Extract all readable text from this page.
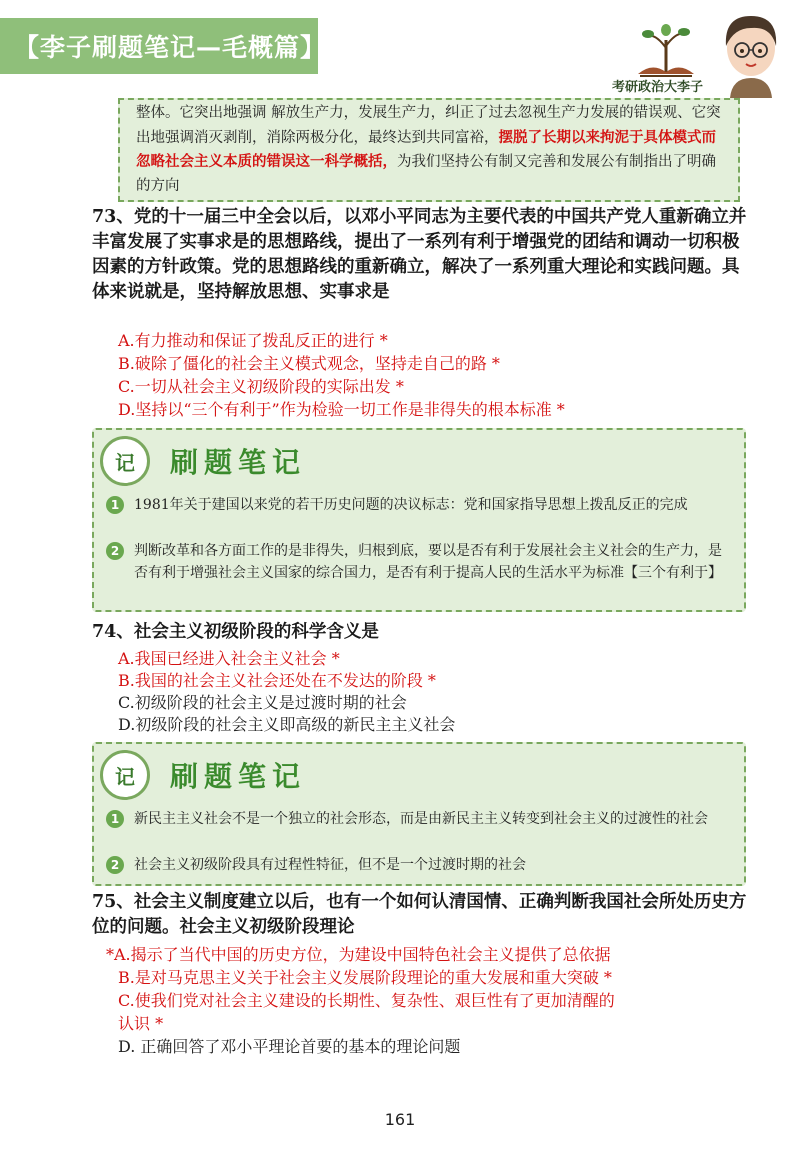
【李子刷题笔记—毛概篇】
考研政治大李子
整体。它突出地强调 解放生产力，发展生产力，纠正了过去忽视生产力发展的错误观、它突出地强调消灭剥削，消除两极分化，最终达到共同富裕，摆脱了长期以来拘泥于具体模式而忽略社会主义本质的错误这一科学概括，为我们坚持公有制又完善和发展公有制指出了明确的方向
73、党的十一届三中全会以后，以邓小平同志为主要代表的中国共产党人重新确立并丰富发展了实事求是的思想路线，提出了一系列有利于增强党的团结和调动一切积极因素的方针政策。党的思想路线的重新确立，解决了一系列重大理论和实践问题。具体来说就是，坚持解放思想、实事求是
A.有力推动和保证了拨乱反正的进行 *
B.破除了僵化的社会主义模式观念，坚持走自己的路 *
C.一切从社会主义初级阶段的实际出发 *
D.坚持以“三个有利于”作为检验一切工作是非得失的根本标准 *
记	刷题笔记
1	1981年关于建国以来党的若干历史问题的决议标志：党和国家指导思想上拨乱反正的完成
2	判断改革和各方面工作的是非得失，归根到底，要以是否有利于发展社会主义社会的生产力，是否有利于增强社会主义国家的综合国力，是否有利于提高人民的生活水平为标准【三个有利于】
74、社会主义初级阶段的科学含义是
A.我国已经进入社会主义社会 *
B.我国的社会主义社会还处在不发达的阶段 *
C.初级阶段的社会主义是过渡时期的社会
D.初级阶段的社会主义即高级的新民主主义社会
记	刷题笔记
1	新民主主义社会不是一个独立的社会形态，而是由新民主主义转变到社会主义的过渡性的社会
2	社会主义初级阶段具有过程性特征，但不是一个过渡时期的社会
75、社会主义制度建立以后，也有一个如何认清国情、正确判断我国社会所处历史方位的问题。社会主义初级阶段理论
*A.揭示了当代中国的历史方位，为建设中国特色社会主义提供了总依据
B.是对马克思主义关于社会主义发展阶段理论的重大发展和重大突破 *
C.使我们党对社会主义建设的长期性、复杂性、艰巨性有了更加清醒的
认识 *
D. 正确回答了邓小平理论首要的基本的理论问题
161
